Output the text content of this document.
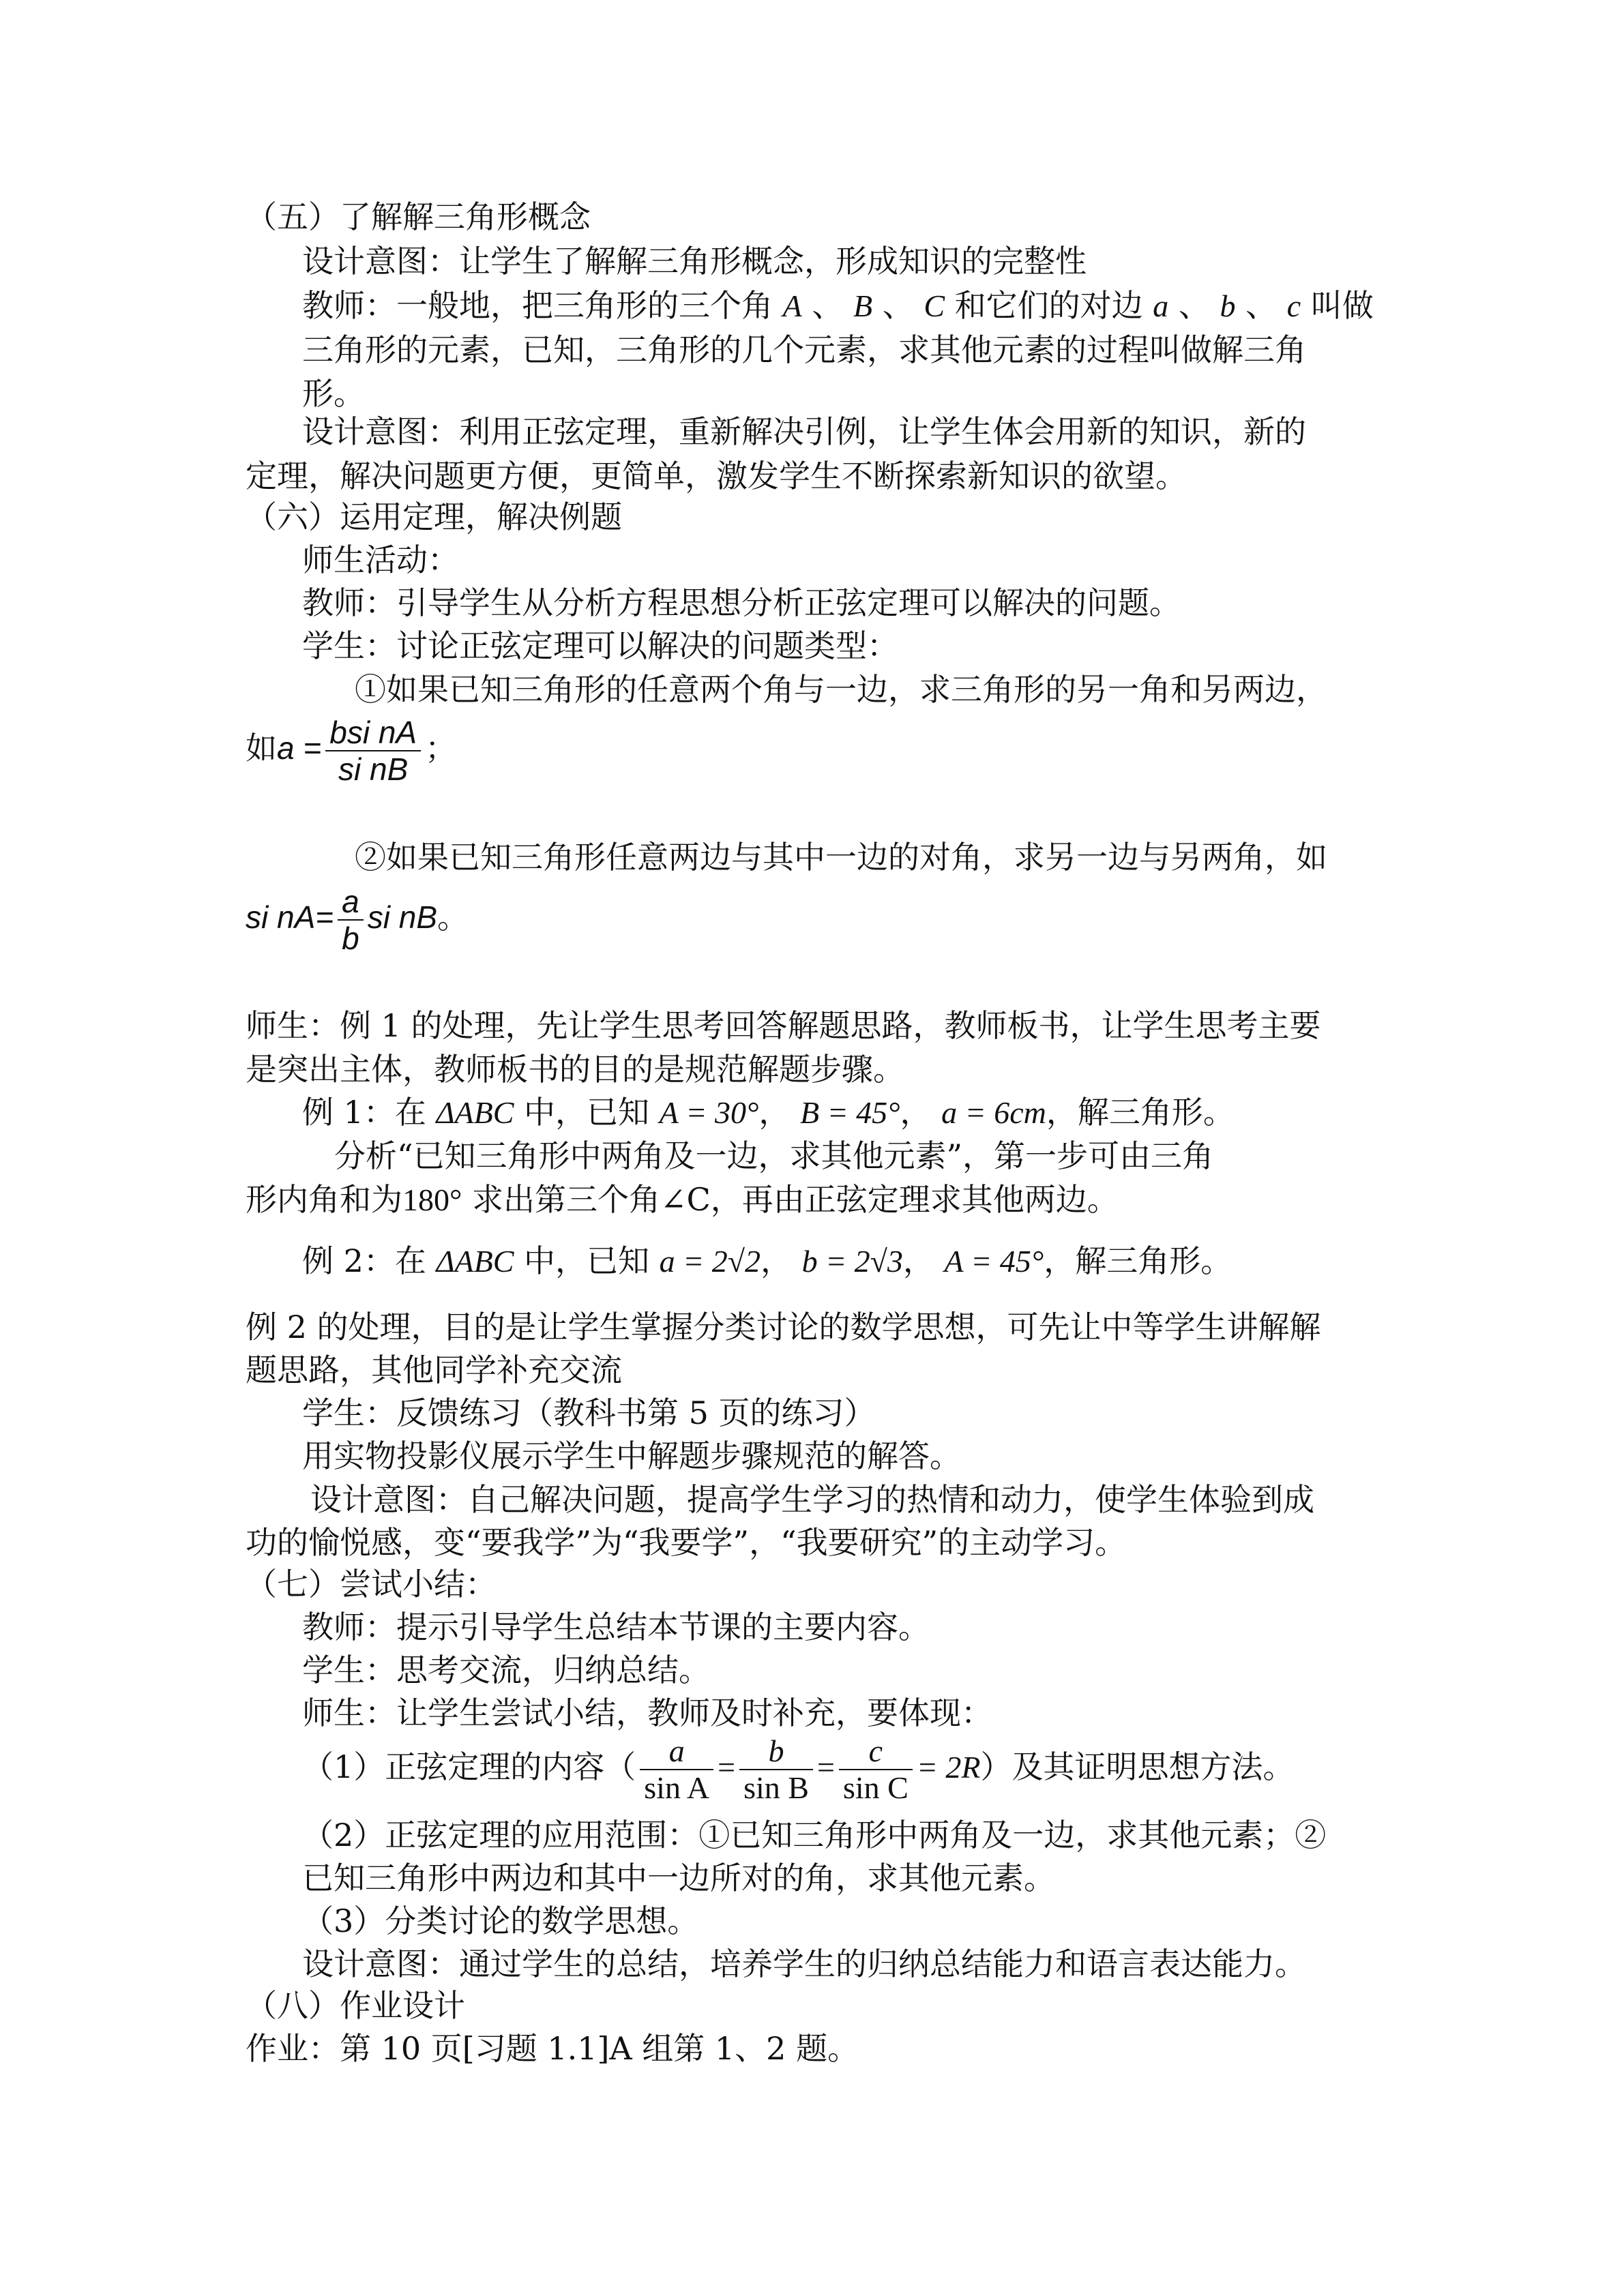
（五）了解解三角形概念
设计意图：让学生了解解三角形概念，形成知识的完整性
教师：一般地，把三角形的三个角 A 、 B 、 C 和它们的对边 a 、 b 、 c 叫做
三角形的元素，已知，三角形的几个元素，求其他元素的过程叫做解三角
形。
设计意图：利用正弦定理，重新解决引例，让学生体会用新的知识，新的
定理，解决问题更方便，更简单，激发学生不断探索新知识的欲望。
（六）运用定理，解决例题
师生活动：
教师：引导学生从分析方程思想分析正弦定理可以解决的问题。
学生：讨论正弦定理可以解决的问题类型：
①如果已知三角形的任意两个角与一边，求三角形的另一角和另两边，
如$a = \frac{\text{bsi nA}}{\text{si nB}}$ ；
②如果已知三角形任意两边与其中一边的对角，求另一边与另两角，如
si $nA= \frac{a}{b}$ si nB。
师生：例 1 的处理，先让学生思考回答解题思路，教师板书，让学生思考主要
是突出主体，教师板书的目的是规范解题步骤。
例 1：在 ΔABC 中，已知 A = 30°， B = 45°， a = 6cm，解三角形。
分析“已知三角形中两角及一边，求其他元素”，第一步可由三角
形内角和为180° 求出第三个角∠C，再由正弦定理求其他两边。
例 2：在 ΔABC 中，已知 a = 2√2， b = 2√3， A = 45°，解三角形。
例 2 的处理，目的是让学生掌握分类讨论的数学思想，可先让中等学生讲解解
题思路，其他同学补充交流
学生：反馈练习（教科书第 5 页的练习）
用实物投影仪展示学生中解题步骤规范的解答。
设计意图：自己解决问题，提高学生学习的热情和动力，使学生体验到成
功的愉悦感，变“要我学”为“我要学”，“我要研究”的主动学习。
（七）尝试小结：
教师：提示引导学生总结本节课的主要内容。
学生：思考交流，归纳总结。
师生：让学生尝试小结，教师及时补充，要体现：
（1）正弦定理的内容（ $\frac{a}{\text{sin A}} = \frac{b}{\text{sin B}} = \frac{c}{\text{sin C}} = 2R$）及其证明思想方法。
（2）正弦定理的应用范围：①已知三角形中两角及一边，求其他元素；②
已知三角形中两边和其中一边所对的角，求其他元素。
（3）分类讨论的数学思想。
设计意图：通过学生的总结，培养学生的归纳总结能力和语言表达能力。
（八）作业设计
作业：第 10 页[习题 1.1]A 组第 1、2 题。
